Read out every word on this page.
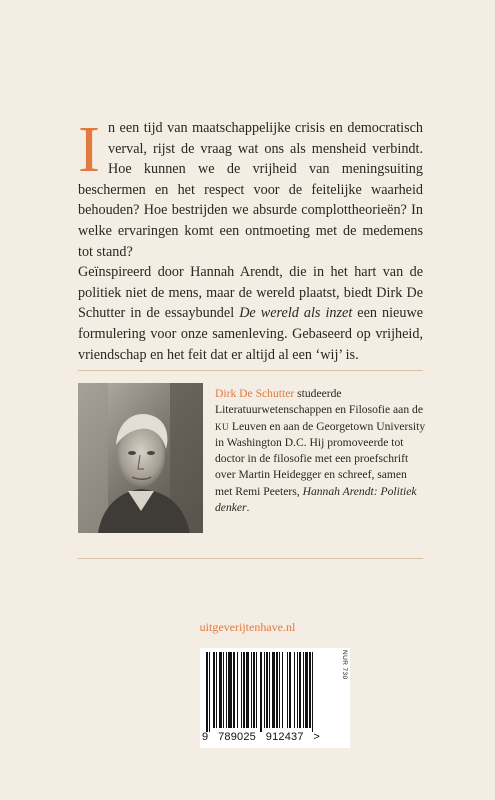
In een tijd van maatschappelijke crisis en democratisch verval, rijst de vraag wat ons als mensheid verbindt. Hoe kunnen we de vrijheid van meningsuiting beschermen en het respect voor de feitelijke waarheid behouden? Hoe bestrijden we absurde complottheorieën? In welke ervaringen komt een ontmoeting met de medemens tot stand?

Geïnspireerd door Hannah Arendt, die in het hart van de politiek niet de mens, maar de wereld plaatst, biedt Dirk De Schutter in de essaybundel De wereld als inzet een nieuwe formulering voor onze samenleving. Gebaseerd op vrijheid, vriendschap en het feit dat er altijd al een ‘wij’ is.

Dirk De Schutter studeerde Literatuurwetenschappen en Filosofie aan de KU Leuven en aan de Georgetown University in Washington D.C. Hij promoveerde tot doctor in de filosofie met een proefschrift over Martin Heidegger en schreef, samen met Remi Peeters, Hannah Arendt: Politiek denker.
uitgeverijtenhave.nl
NUR 730
9   789025   912437   >
